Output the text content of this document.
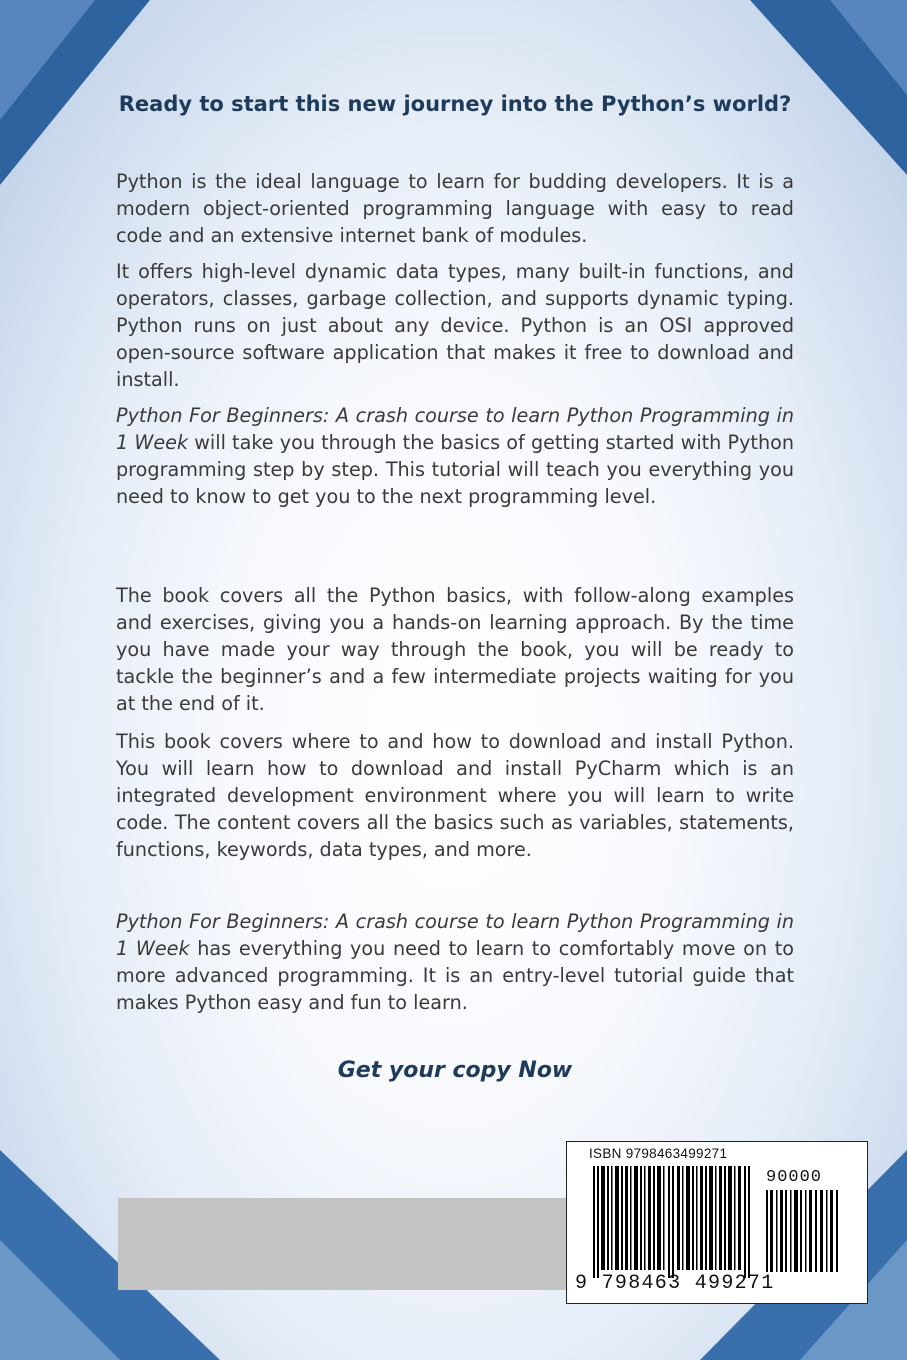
Ready to start this new journey into the Python’s world?

Python is the ideal language to learn for budding developers. It is a modern object-oriented programming language with easy to read code and an extensive internet bank of modules.

It offers high-level dynamic data types, many built-in functions, and operators, classes, garbage collection, and supports dynamic typing. Python runs on just about any device. Python is an OSI approved open-source software application that makes it free to download and install.

Python For Beginners: A crash course to learn Python Programming in 1 Week will take you through the basics of getting started with Python programming step by step. This tutorial will teach you everything you need to know to get you to the next programming level.

The book covers all the Python basics, with follow-along examples and exercises, giving you a hands-on learning approach. By the time you have made your way through the book, you will be ready to tackle the beginner’s and a few intermediate projects waiting for you at the end of it.

This book covers where to and how to download and install Python. You will learn how to download and install PyCharm which is an integrated development environment where you will learn to write code. The content covers all the basics such as variables, statements, functions, keywords, data types, and more.

Python For Beginners: A crash course to learn Python Programming in 1 Week has everything you need to learn to comfortably move on to more advanced programming. It is an entry-level tutorial guide that makes Python easy and fun to learn.

Get your copy Now

ISBN 9798463499271
90000
9 798463 499271
